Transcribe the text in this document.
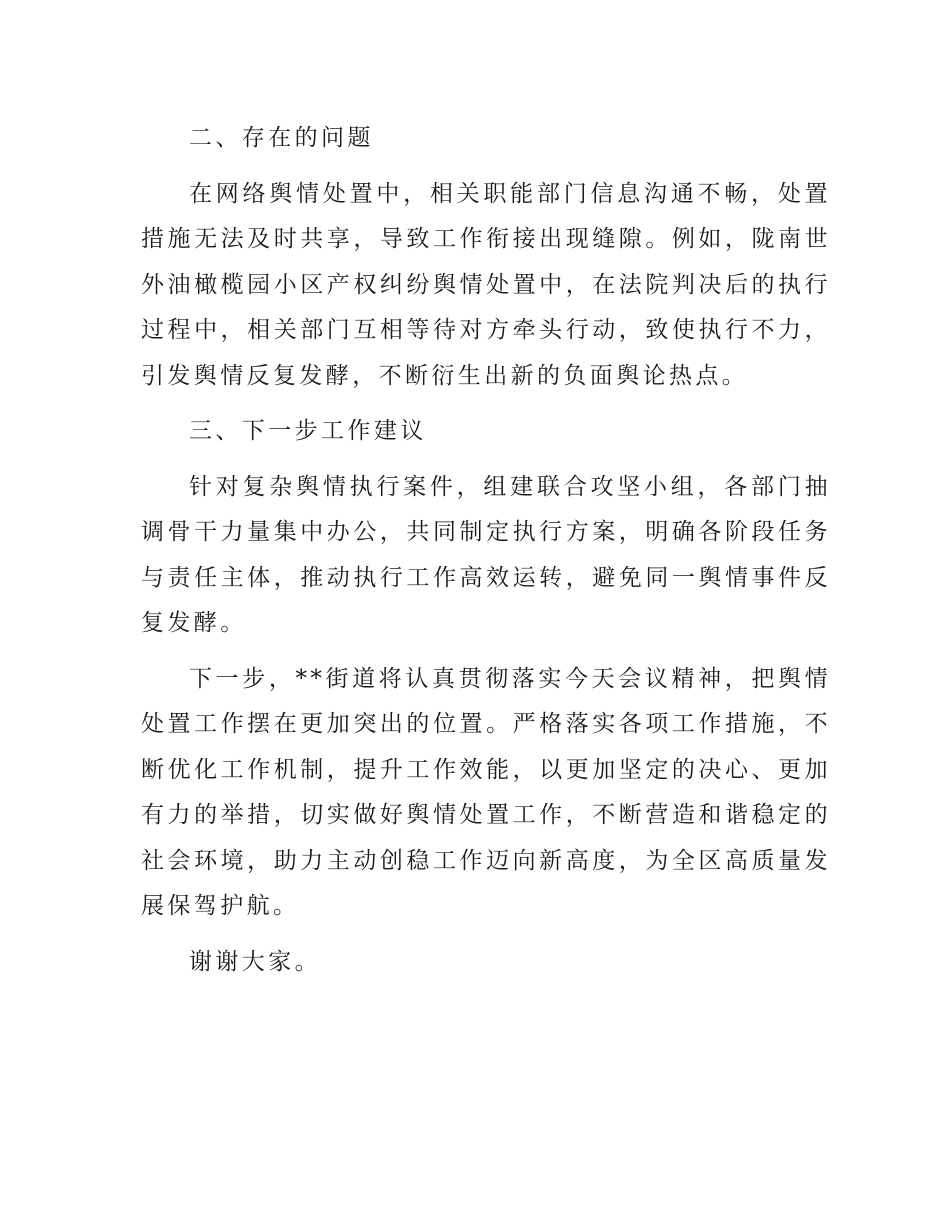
二、存在的问题

在网络舆情处置中，相关职能部门信息沟通不畅，处置措施无法及时共享，导致工作衔接出现缝隙。例如，陇南世外油橄榄园小区产权纠纷舆情处置中，在法院判决后的执行过程中，相关部门互相等待对方牵头行动，致使执行不力，引发舆情反复发酵，不断衍生出新的负面舆论热点。

三、下一步工作建议

针对复杂舆情执行案件，组建联合攻坚小组，各部门抽调骨干力量集中办公，共同制定执行方案，明确各阶段任务与责任主体，推动执行工作高效运转，避免同一舆情事件反复发酵。

下一步，**街道将认真贯彻落实今天会议精神，把舆情处置工作摆在更加突出的位置。严格落实各项工作措施，不断优化工作机制，提升工作效能，以更加坚定的决心、更加有力的举措，切实做好舆情处置工作，不断营造和谐稳定的社会环境，助力主动创稳工作迈向新高度，为全区高质量发展保驾护航。

谢谢大家。
